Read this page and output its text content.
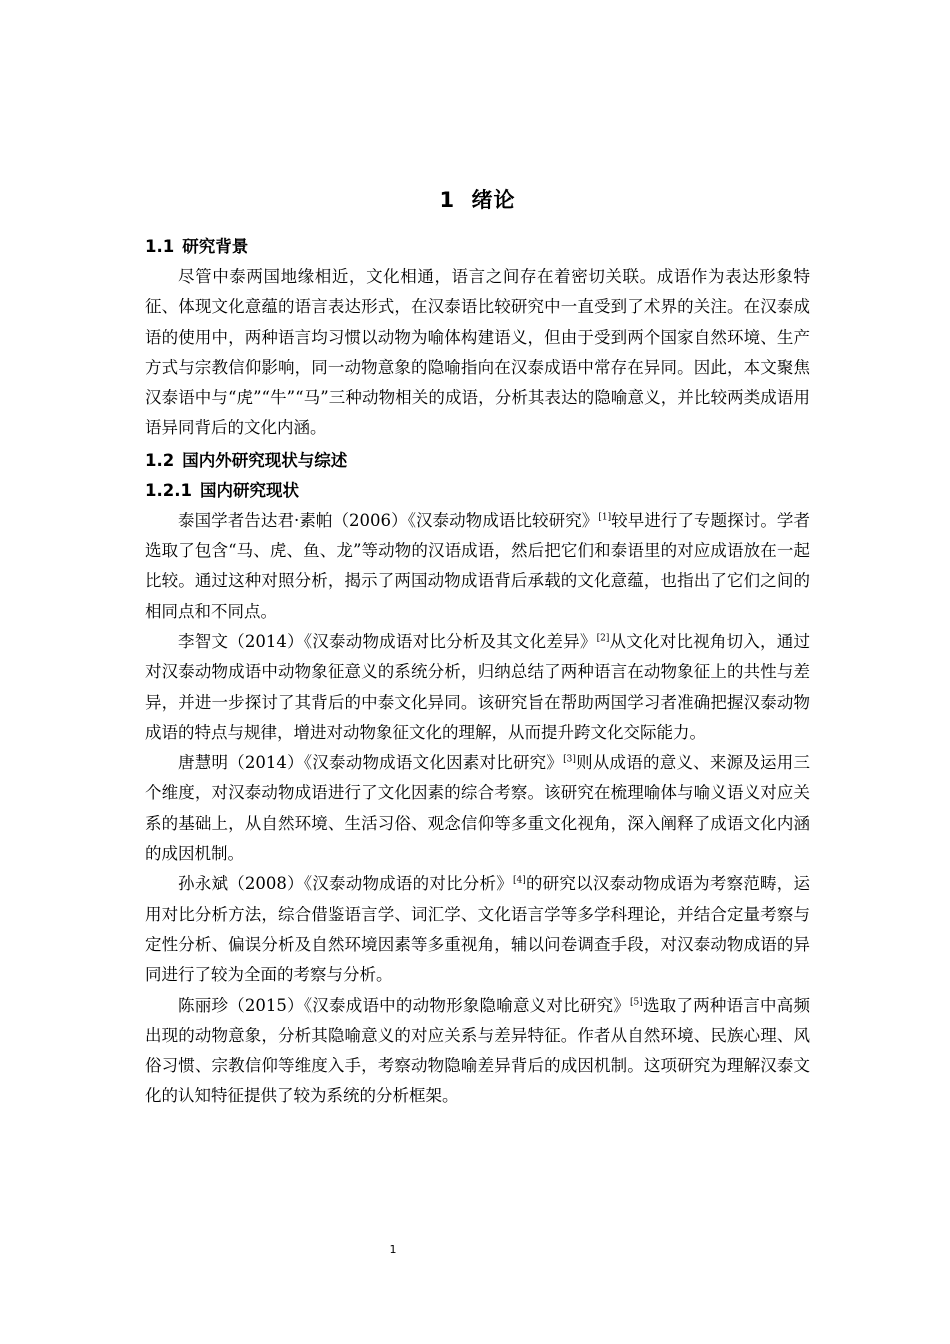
1 绪论
1.1 研究背景

尽管中泰两国地缘相近，文化相通，语言之间存在着密切关联。成语作为表达形象特征、体现文化意蕴的语言表达形式，在汉泰语比较研究中一直受到了术界的关注。在汉泰成语的使用中，两种语言均习惯以动物为喻体构建语义，但由于受到两个国家自然环境、生产方式与宗教信仰影响，同一动物意象的隐喻指向在汉泰成语中常存在异同。因此，本文聚焦汉泰语中与“虎”“牛”“马”三种动物相关的成语，分析其表达的隐喻意义，并比较两类成语用语异同背后的文化内涵。

1.2 国内外研究现状与综述
1.2.1 国内研究现状

泰国学者告达君·素帕（2006）《汉泰动物成语比较研究》[1]较早进行了专题探讨。学者选取了包含“马、虎、鱼、龙”等动物的汉语成语，然后把它们和泰语里的对应成语放在一起比较。通过这种对照分析，揭示了两国动物成语背后承载的文化意蕴，也指出了它们之间的相同点和不同点。

李智文（2014）《汉泰动物成语对比分析及其文化差异》[2]从文化对比视角切入，通过对汉泰动物成语中动物象征意义的系统分析，归纳总结了两种语言在动物象征上的共性与差异，并进一步探讨了其背后的中泰文化异同。该研究旨在帮助两国学习者准确把握汉泰动物成语的特点与规律，增进对动物象征文化的理解，从而提升跨文化交际能力。

唐慧明（2014）《汉泰动物成语文化因素对比研究》[3]则从成语的意义、来源及运用三个维度，对汉泰动物成语进行了文化因素的综合考察。该研究在梳理喻体与喻义语义对应关系的基础上，从自然环境、生活习俗、观念信仰等多重文化视角，深入阐释了成语文化内涵的成因机制。

孙永斌（2008）《汉泰动物成语的对比分析》[4]的研究以汉泰动物成语为考察范畴，运用对比分析方法，综合借鉴语言学、词汇学、文化语言学等多学科理论，并结合定量考察与定性分析、偏误分析及自然环境因素等多重视角，辅以问卷调查手段，对汉泰动物成语的异同进行了较为全面的考察与分析。

陈丽珍（2015）《汉泰成语中的动物形象隐喻意义对比研究》[5]选取了两种语言中高频出现的动物意象，分析其隐喻意义的对应关系与差异特征。作者从自然环境、民族心理、风俗习惯、宗教信仰等维度入手，考察动物隐喻差异背后的成因机制。这项研究为理解汉泰文化的认知特征提供了较为系统的分析框架。

1
